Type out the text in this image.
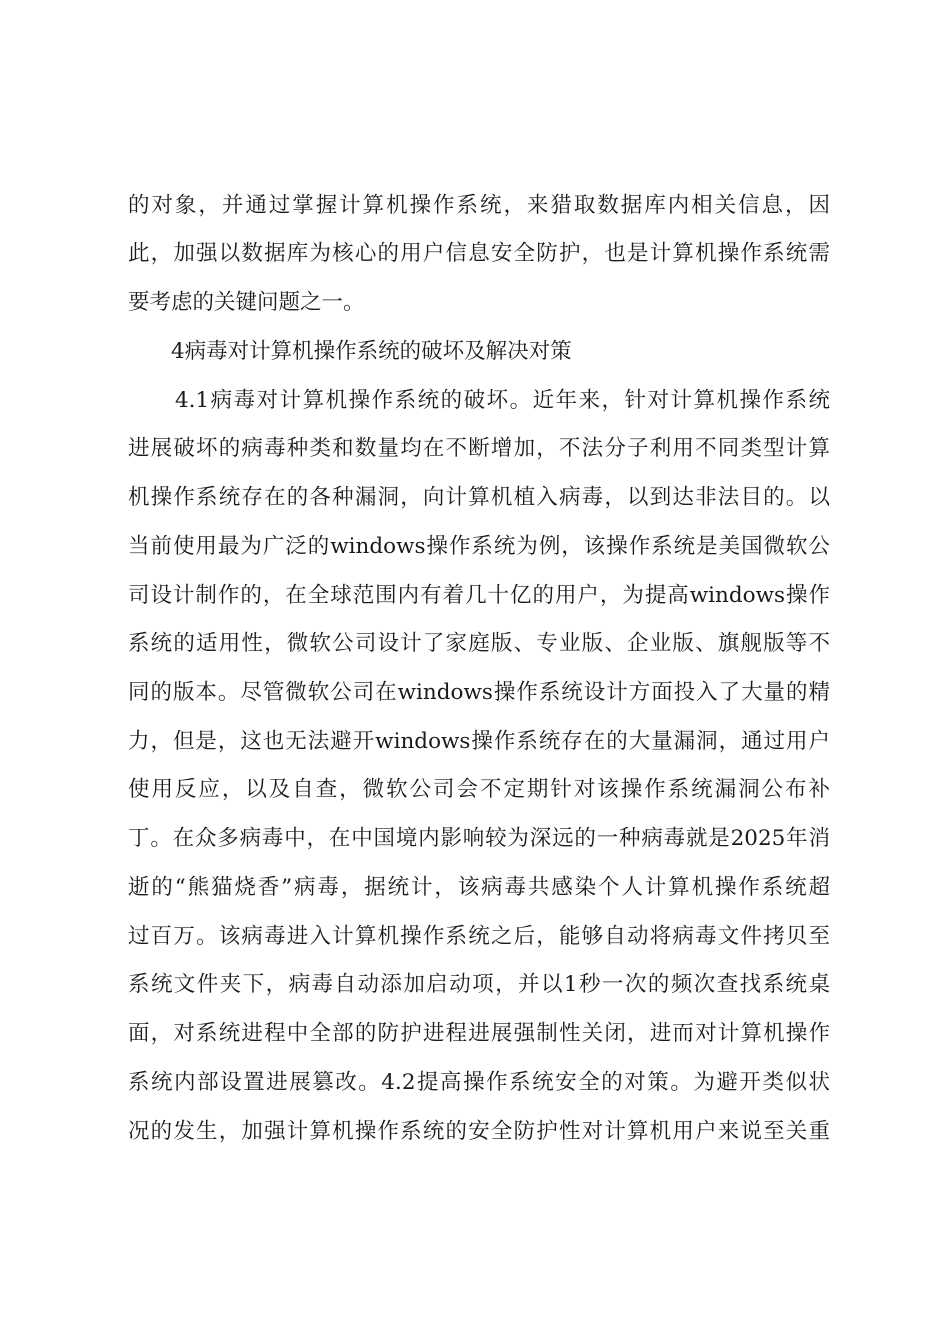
的对象，并通过掌握计算机操作系统，来猎取数据库内相关信息，因
此，加强以数据库为核心的用户信息安全防护，也是计算机操作系统需
要考虑的关键问题之一。
4病毒对计算机操作系统的破坏及解决对策
4.1病毒对计算机操作系统的破坏。近年来，针对计算机操作系统
进展破坏的病毒种类和数量均在不断增加，不法分子利用不同类型计算
机操作系统存在的各种漏洞，向计算机植入病毒，以到达非法目的。以
当前使用最为广泛的windows操作系统为例，该操作系统是美国微软公
司设计制作的，在全球范围内有着几十亿的用户，为提高windows操作
系统的适用性，微软公司设计了家庭版、专业版、企业版、旗舰版等不
同的版本。尽管微软公司在windows操作系统设计方面投入了大量的精
力，但是，这也无法避开windows操作系统存在的大量漏洞，通过用户
使用反应，以及自查，微软公司会不定期针对该操作系统漏洞公布补
丁。在众多病毒中，在中国境内影响较为深远的一种病毒就是2025年消
逝的“熊猫烧香”病毒，据统计，该病毒共感染个人计算机操作系统超
过百万。该病毒进入计算机操作系统之后，能够自动将病毒文件拷贝至
系统文件夹下，病毒自动添加启动项，并以1秒一次的频次查找系统桌
面，对系统进程中全部的防护进程进展强制性关闭，进而对计算机操作
系统内部设置进展篡改。4.2提高操作系统安全的对策。为避开类似状
况的发生，加强计算机操作系统的安全防护性对计算机用户来说至关重
